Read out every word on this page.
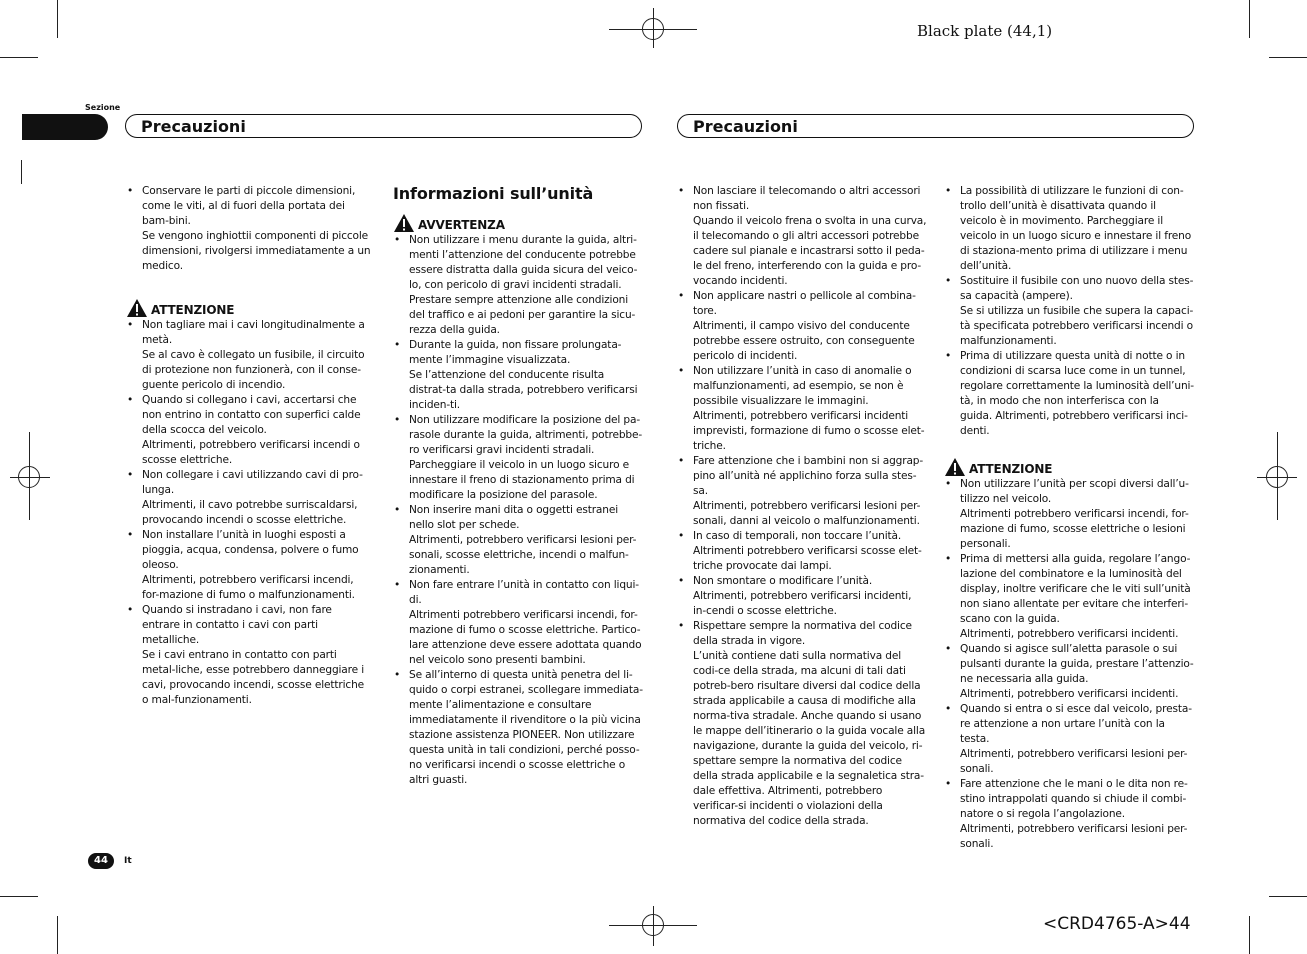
Black plate (44,1)
Sezione
Precauzioni	Precauzioni

• Conservare le parti di piccole dimensioni, come le viti, al di fuori della portata dei bam-bini.

Se vengono inghiottii componenti di piccole dimensioni, rivolgersi immediatamente a un medico.

ATTENZIONE

• Non tagliare mai i cavi longitudinalmente a metà.

Se al cavo è collegato un fusibile, il circuito di protezione non funzionerà, con il conse-guente pericolo di incendio.

• Quando si collegano i cavi, accertarsi che non entrino in contatto con superfici calde della scocca del veicolo.

Altrimenti, potrebbero verificarsi incendi o scosse elettriche.

• Non collegare i cavi utilizzando cavi di pro-lunga.

Altrimenti, il cavo potrebbe surriscaldarsi, provocando incendi o scosse elettriche.

• Non installare l’unità in luoghi esposti a pioggia, acqua, condensa, polvere o fumo oleoso.

Altrimenti, potrebbero verificarsi incendi, for-mazione di fumo o malfunzionamenti.

• Quando si instradano i cavi, non fare entrare in contatto i cavi con parti metalliche.

Se i cavi entrano in contatto con parti metal-liche, esse potrebbero danneggiare i cavi, provocando incendi, scosse elettriche o mal-funzionamenti.

Informazioni sull’unità
AVVERTENZA

• Non utilizzare i menu durante la guida, altri-menti l’attenzione del conducente potrebbe essere distratta dalla guida sicura del veico-lo, con pericolo di gravi incidenti stradali.

Prestare sempre attenzione alle condizioni del traffico e ai pedoni per garantire la sicu-rezza della guida.

• Durante la guida, non fissare prolungata-mente l’immagine visualizzata.

Se l’attenzione del conducente risulta distrat-ta dalla strada, potrebbero verificarsi inciden-ti.

• Non utilizzare modificare la posizione del pa-rasole durante la guida, altrimenti, potrebbe-ro verificarsi gravi incidenti stradali.

Parcheggiare il veicolo in un luogo sicuro e innestare il freno di stazionamento prima di modificare la posizione del parasole.

• Non inserire mani dita o oggetti estranei nello slot per schede.

Altrimenti, potrebbero verificarsi lesioni per-sonali, scosse elettriche, incendi o malfun-zionamenti.

• Non fare entrare l’unità in contatto con liqui-di.

Altrimenti potrebbero verificarsi incendi, for-mazione di fumo o scosse elettriche. Partico-lare attenzione deve essere adottata quando nel veicolo sono presenti bambini.

• Se all’interno di questa unità penetra del li-quido o corpi estranei, scollegare immediata-mente l’alimentazione e consultare immediatamente il rivenditore o la più vicina stazione assistenza PIONEER. Non utilizzare questa unità in tali condizioni, perché posso-no verificarsi incendi o scosse elettriche o altri guasti.

• Non lasciare il telecomando o altri accessori non fissati.

Quando il veicolo frena o svolta in una curva, il telecomando o gli altri accessori potrebbe cadere sul pianale e incastrarsi sotto il peda-le del freno, interferendo con la guida e pro-vocando incidenti.

• Non applicare nastri o pellicole al combina-tore.

Altrimenti, il campo visivo del conducente potrebbe essere ostruito, con conseguente pericolo di incidenti.

• Non utilizzare l’unità in caso di anomalie o malfunzionamenti, ad esempio, se non è possibile visualizzare le immagini.

Altrimenti, potrebbero verificarsi incidenti imprevisti, formazione di fumo o scosse elet-triche.

• Fare attenzione che i bambini non si aggrap-pino all’unità né applichino forza sulla stes-sa.

Altrimenti, potrebbero verificarsi lesioni per-sonali, danni al veicolo o malfunzionamenti.

• In caso di temporali, non toccare l’unità.

Altrimenti potrebbero verificarsi scosse elet-triche provocate dai lampi.

• Non smontare o modificare l’unità.

Altrimenti, potrebbero verificarsi incidenti, in-cendi o scosse elettriche.

• Rispettare sempre la normativa del codice della strada in vigore.

L’unità contiene dati sulla normativa del codi-ce della strada, ma alcuni di tali dati potreb-bero risultare diversi dal codice della strada applicabile a causa di modifiche alla norma-tiva stradale. Anche quando si usano le mappe dell’itinerario o la guida vocale alla navigazione, durante la guida del veicolo, ri-spettare sempre la normativa del codice della strada applicabile e la segnaletica stra-dale effettiva. Altrimenti, potrebbero verificar-si incidenti o violazioni della normativa del codice della strada.

• La possibilità di utilizzare le funzioni di con-trollo dell’unità è disattivata quando il veicolo è in movimento. Parcheggiare il veicolo in un luogo sicuro e innestare il freno di staziona-mento prima di utilizzare i menu dell’unità.

• Sostituire il fusibile con uno nuovo della stes-sa capacità (ampere).

Se si utilizza un fusibile che supera la capaci-tà specificata potrebbero verificarsi incendi o malfunzionamenti.

• Prima di utilizzare questa unità di notte o in condizioni di scarsa luce come in un tunnel, regolare correttamente la luminosità dell’uni-tà, in modo che non interferisca con la guida. Altrimenti, potrebbero verificarsi inci-denti.

ATTENZIONE

• Non utilizzare l’unità per scopi diversi dall’u-tilizzo nel veicolo.

Altrimenti potrebbero verificarsi incendi, for-mazione di fumo, scosse elettriche o lesioni personali.

• Prima di mettersi alla guida, regolare l’ango-lazione del combinatore e la luminosità del display, inoltre verificare che le viti sull’unità non siano allentate per evitare che interferi-scano con la guida.

Altrimenti, potrebbero verificarsi incidenti.

• Quando si agisce sull’aletta parasole o sui pulsanti durante la guida, prestare l’attenzio-ne necessaria alla guida.

Altrimenti, potrebbero verificarsi incidenti.

• Quando si entra o si esce dal veicolo, presta-re attenzione a non urtare l’unità con la testa.

Altrimenti, potrebbero verificarsi lesioni per-sonali.

• Fare attenzione che le mani o le dita non re-stino intrappolati quando si chiude il combi-natore o si regola l’angolazione.

Altrimenti, potrebbero verificarsi lesioni per-sonali.

44	It
<CRD4765-A>44
